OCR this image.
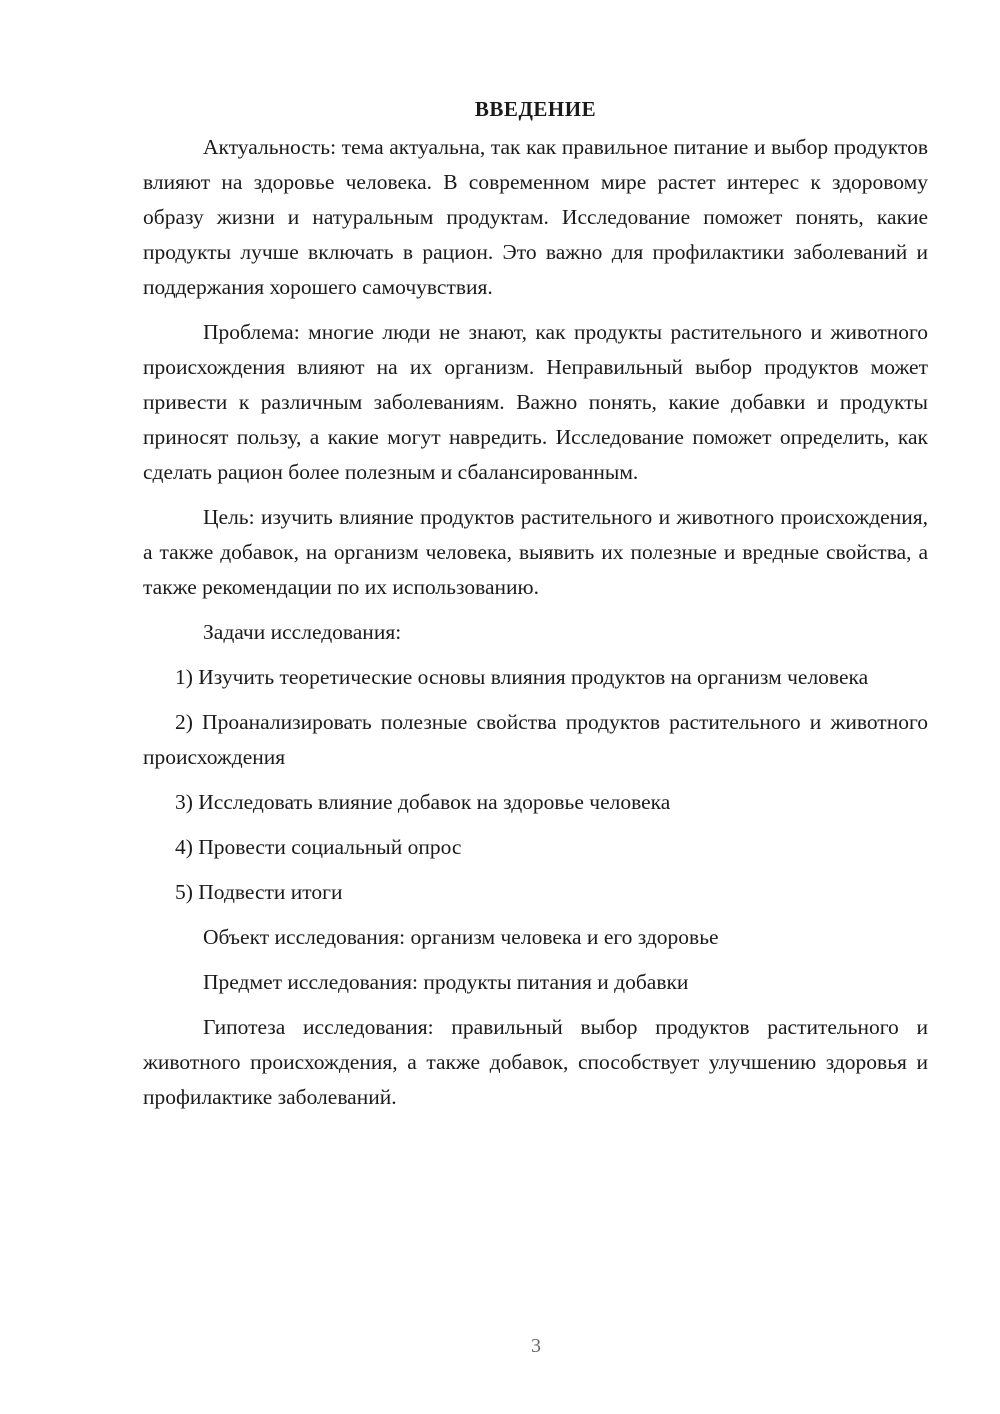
ВВЕДЕНИЕ

Актуальность: тема актуальна, так как правильное питание и выбор продуктов влияют на здоровье человека. В современном мире растет интерес к здоровому образу жизни и натуральным продуктам. Исследование поможет понять, какие продукты лучше включать в рацион. Это важно для профилактики заболеваний и поддержания хорошего самочувствия.

Проблема: многие люди не знают, как продукты растительного и животного происхождения влияют на их организм. Неправильный выбор продуктов может привести к различным заболеваниям. Важно понять, какие добавки и продукты приносят пользу, а какие могут навредить. Исследование поможет определить, как сделать рацион более полезным и сбалансированным.

Цель: изучить влияние продуктов растительного и животного происхождения, а также добавок, на организм человека, выявить их полезные и вредные свойства, а также рекомендации по их использованию.

Задачи исследования:

1) Изучить теоретические основы влияния продуктов на организм человека

2) Проанализировать полезные свойства продуктов растительного и животного происхождения

3) Исследовать влияние добавок на здоровье человека

4) Провести социальный опрос

5) Подвести итоги

Объект исследования: организм человека и его здоровье

Предмет исследования: продукты питания и добавки

Гипотеза исследования: правильный выбор продуктов растительного и животного происхождения, а также добавок, способствует улучшению здоровья и профилактике заболеваний.

3
